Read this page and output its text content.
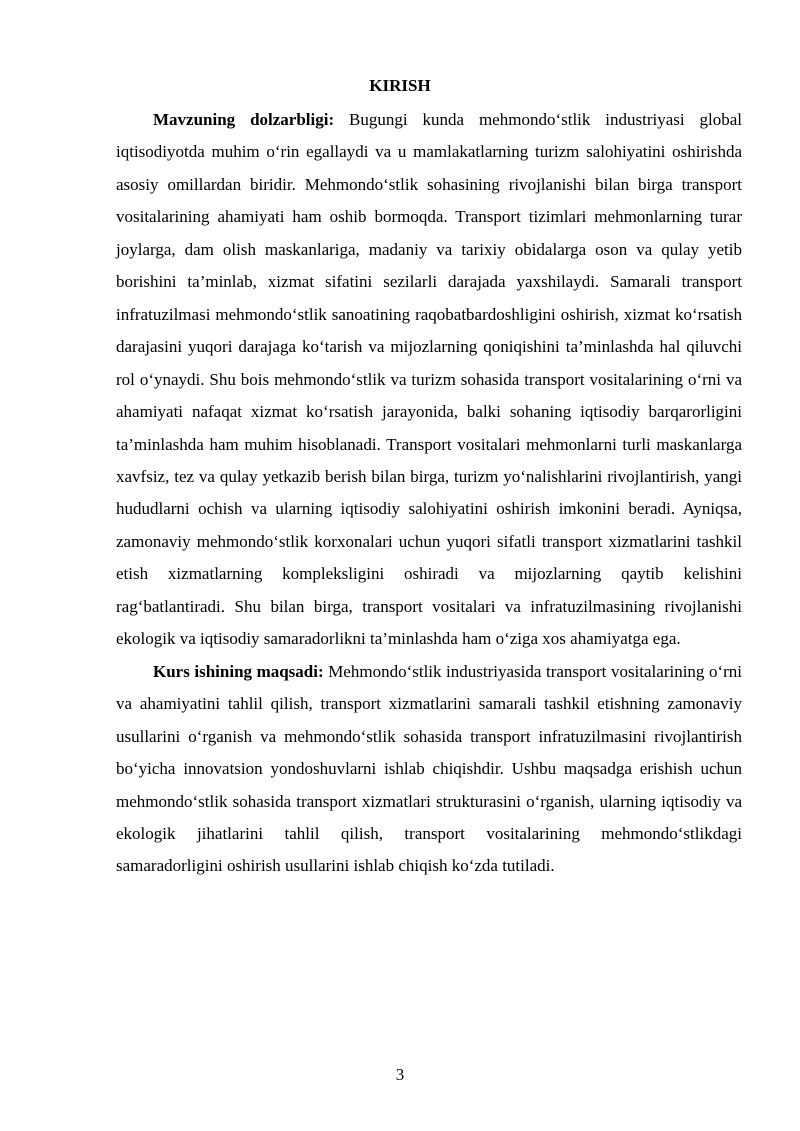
KIRISH

Mavzuning dolzarbligi: Bugungi kunda mehmondo‘stlik industriyasi global iqtisodiyotda muhim o‘rin egallaydi va u mamlakatlarning turizm salohiyatini oshirishda asosiy omillardan biridir. Mehmondo‘stlik sohasining rivojlanishi bilan birga transport vositalarining ahamiyati ham oshib bormoqda. Transport tizimlari mehmonlarning turar joylarga, dam olish maskanlariga, madaniy va tarixiy obidalarga oson va qulay yetib borishini ta’minlab, xizmat sifatini sezilarli darajada yaxshilaydi. Samarali transport infratuzilmasi mehmondo‘stlik sanoatining raqobatbardoshligini oshirish, xizmat ko‘rsatish darajasini yuqori darajaga ko‘tarish va mijozlarning qoniqishini ta’minlashda hal qiluvchi rol o‘ynaydi. Shu bois mehmondo‘stlik va turizm sohasida transport vositalarining o‘rni va ahamiyati nafaqat xizmat ko‘rsatish jarayonida, balki sohaning iqtisodiy barqarorligini ta’minlashda ham muhim hisoblanadi. Transport vositalari mehmonlarni turli maskanlarga xavfsiz, tez va qulay yetkazib berish bilan birga, turizm yo‘nalishlarini rivojlantirish, yangi hududlarni ochish va ularning iqtisodiy salohiyatini oshirish imkonini beradi. Ayniqsa, zamonaviy mehmondo‘stlik korxonalari uchun yuqori sifatli transport xizmatlarini tashkil etish xizmatlarning kompleksligini oshiradi va mijozlarning qaytib kelishini rag‘batlantiradi. Shu bilan birga, transport vositalari va infratuzilmasining rivojlanishi ekologik va iqtisodiy samaradorlikni ta’minlashda ham o‘ziga xos ahamiyatga ega.

Kurs ishining maqsadi: Mehmondo‘stlik industriyasida transport vositalarining o‘rni va ahamiyatini tahlil qilish, transport xizmatlarini samarali tashkil etishning zamonaviy usullarini o‘rganish va mehmondo‘stlik sohasida transport infratuzilmasini rivojlantirish bo‘yicha innovatsion yondoshuvlarni ishlab chiqishdir. Ushbu maqsadga erishish uchun mehmondo‘stlik sohasida transport xizmatlari strukturasini o‘rganish, ularning iqtisodiy va ekologik jihatlarini tahlil qilish, transport vositalarining mehmondo‘stlikdagi samaradorligini oshirish usullarini ishlab chiqish ko‘zda tutiladi.

3
